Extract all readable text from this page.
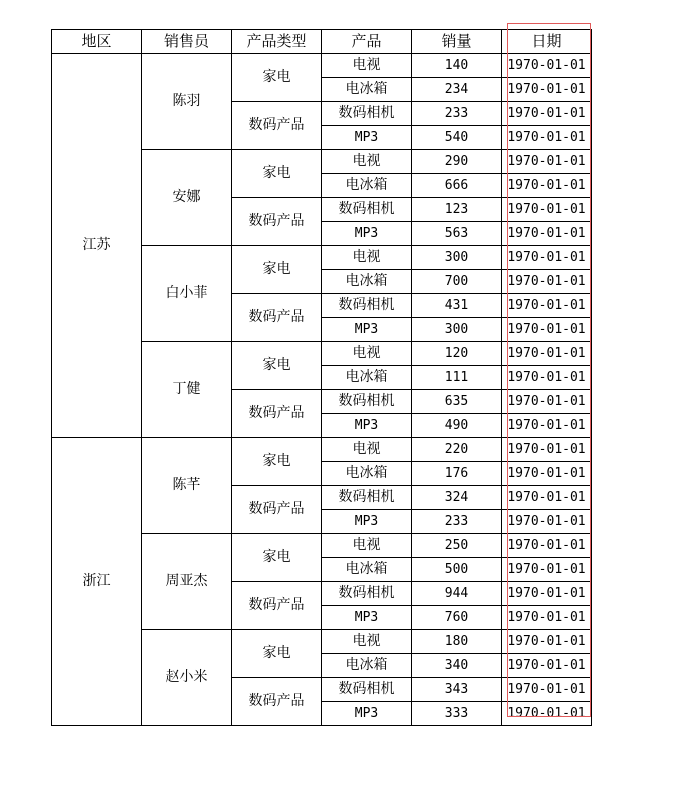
地区	销售员	产品类型	产品	销量	日期
江苏	陈羽	家电	电视	140	1970-01-01
			电冰箱	234	1970-01-01
		数码产品	数码相机	233	1970-01-01
			MP3	540	1970-01-01
	安娜	家电	电视	290	1970-01-01
			电冰箱	666	1970-01-01
		数码产品	数码相机	123	1970-01-01
			MP3	563	1970-01-01
	白小菲	家电	电视	300	1970-01-01
			电冰箱	700	1970-01-01
		数码产品	数码相机	431	1970-01-01
			MP3	300	1970-01-01
	丁健	家电	电视	120	1970-01-01
			电冰箱	111	1970-01-01
		数码产品	数码相机	635	1970-01-01
			MP3	490	1970-01-01
浙江	陈芊	家电	电视	220	1970-01-01
			电冰箱	176	1970-01-01
		数码产品	数码相机	324	1970-01-01
			MP3	233	1970-01-01
	周亚杰	家电	电视	250	1970-01-01
			电冰箱	500	1970-01-01
		数码产品	数码相机	944	1970-01-01
			MP3	760	1970-01-01
	赵小米	家电	电视	180	1970-01-01
			电冰箱	340	1970-01-01
		数码产品	数码相机	343	1970-01-01
			MP3	333	1970-01-01
